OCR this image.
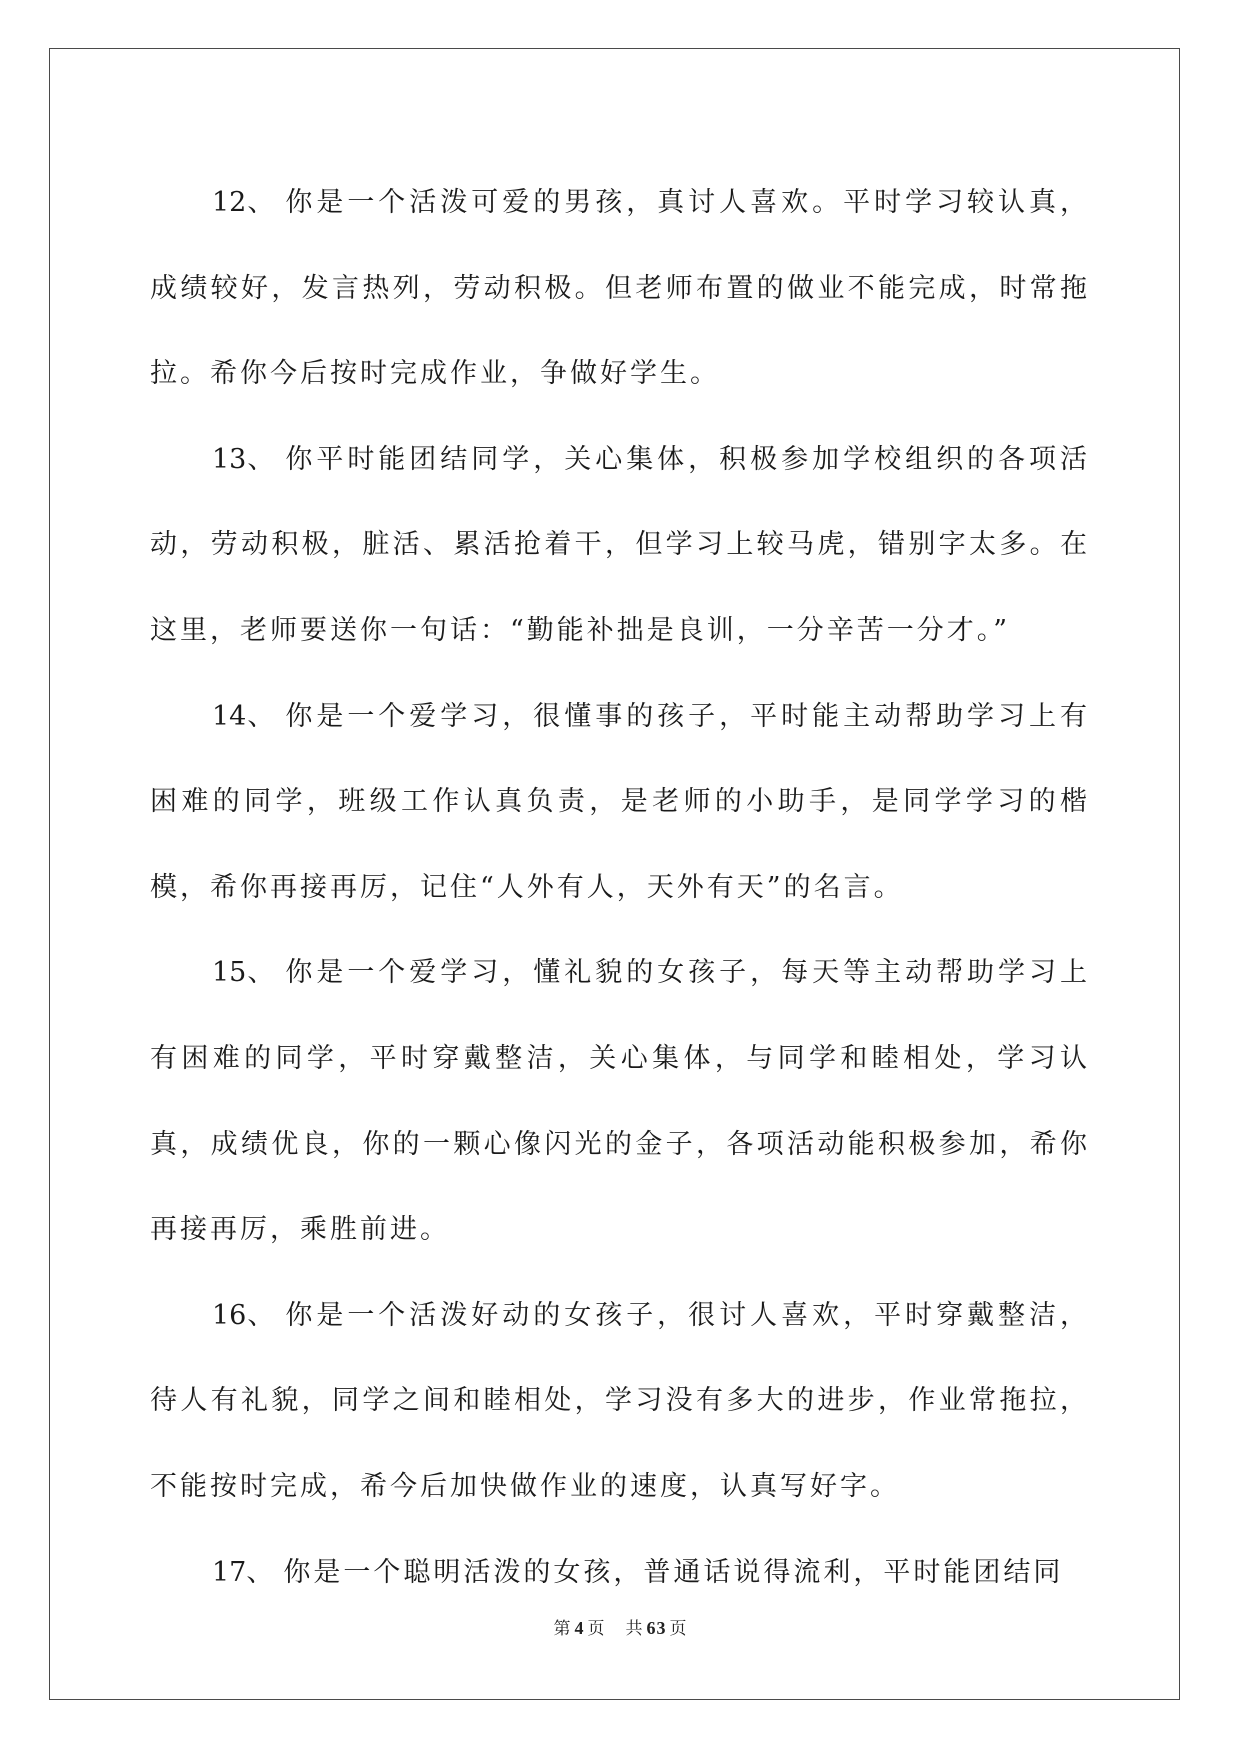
12、 你是一个活泼可爱的男孩，真讨人喜欢。平时学习较认真，成绩较好，发言热列，劳动积极。但老师布置的做业不能完成，时常拖拉。希你今后按时完成作业，争做好学生。

13、 你平时能团结同学，关心集体，积极参加学校组织的各项活动，劳动积极，脏活、累活抢着干，但学习上较马虎，错别字太多。在这里，老师要送你一句话：“勤能补拙是良训，一分辛苦一分才。”

14、 你是一个爱学习，很懂事的孩子，平时能主动帮助学习上有困难的同学，班级工作认真负责，是老师的小助手，是同学学习的楷模，希你再接再厉，记住“人外有人，天外有天”的名言。

15、 你是一个爱学习，懂礼貌的女孩子，每天等主动帮助学习上有困难的同学，平时穿戴整洁，关心集体，与同学和睦相处，学习认真，成绩优良，你的一颗心像闪光的金子，各项活动能积极参加，希你再接再厉，乘胜前进。

16、 你是一个活泼好动的女孩子，很讨人喜欢，平时穿戴整洁，待人有礼貌，同学之间和睦相处，学习没有多大的进步，作业常拖拉，不能按时完成，希今后加快做作业的速度，认真写好字。

17、 你是一个聪明活泼的女孩，普通话说得流利，平时能团结同

第 4 页 共 63 页
